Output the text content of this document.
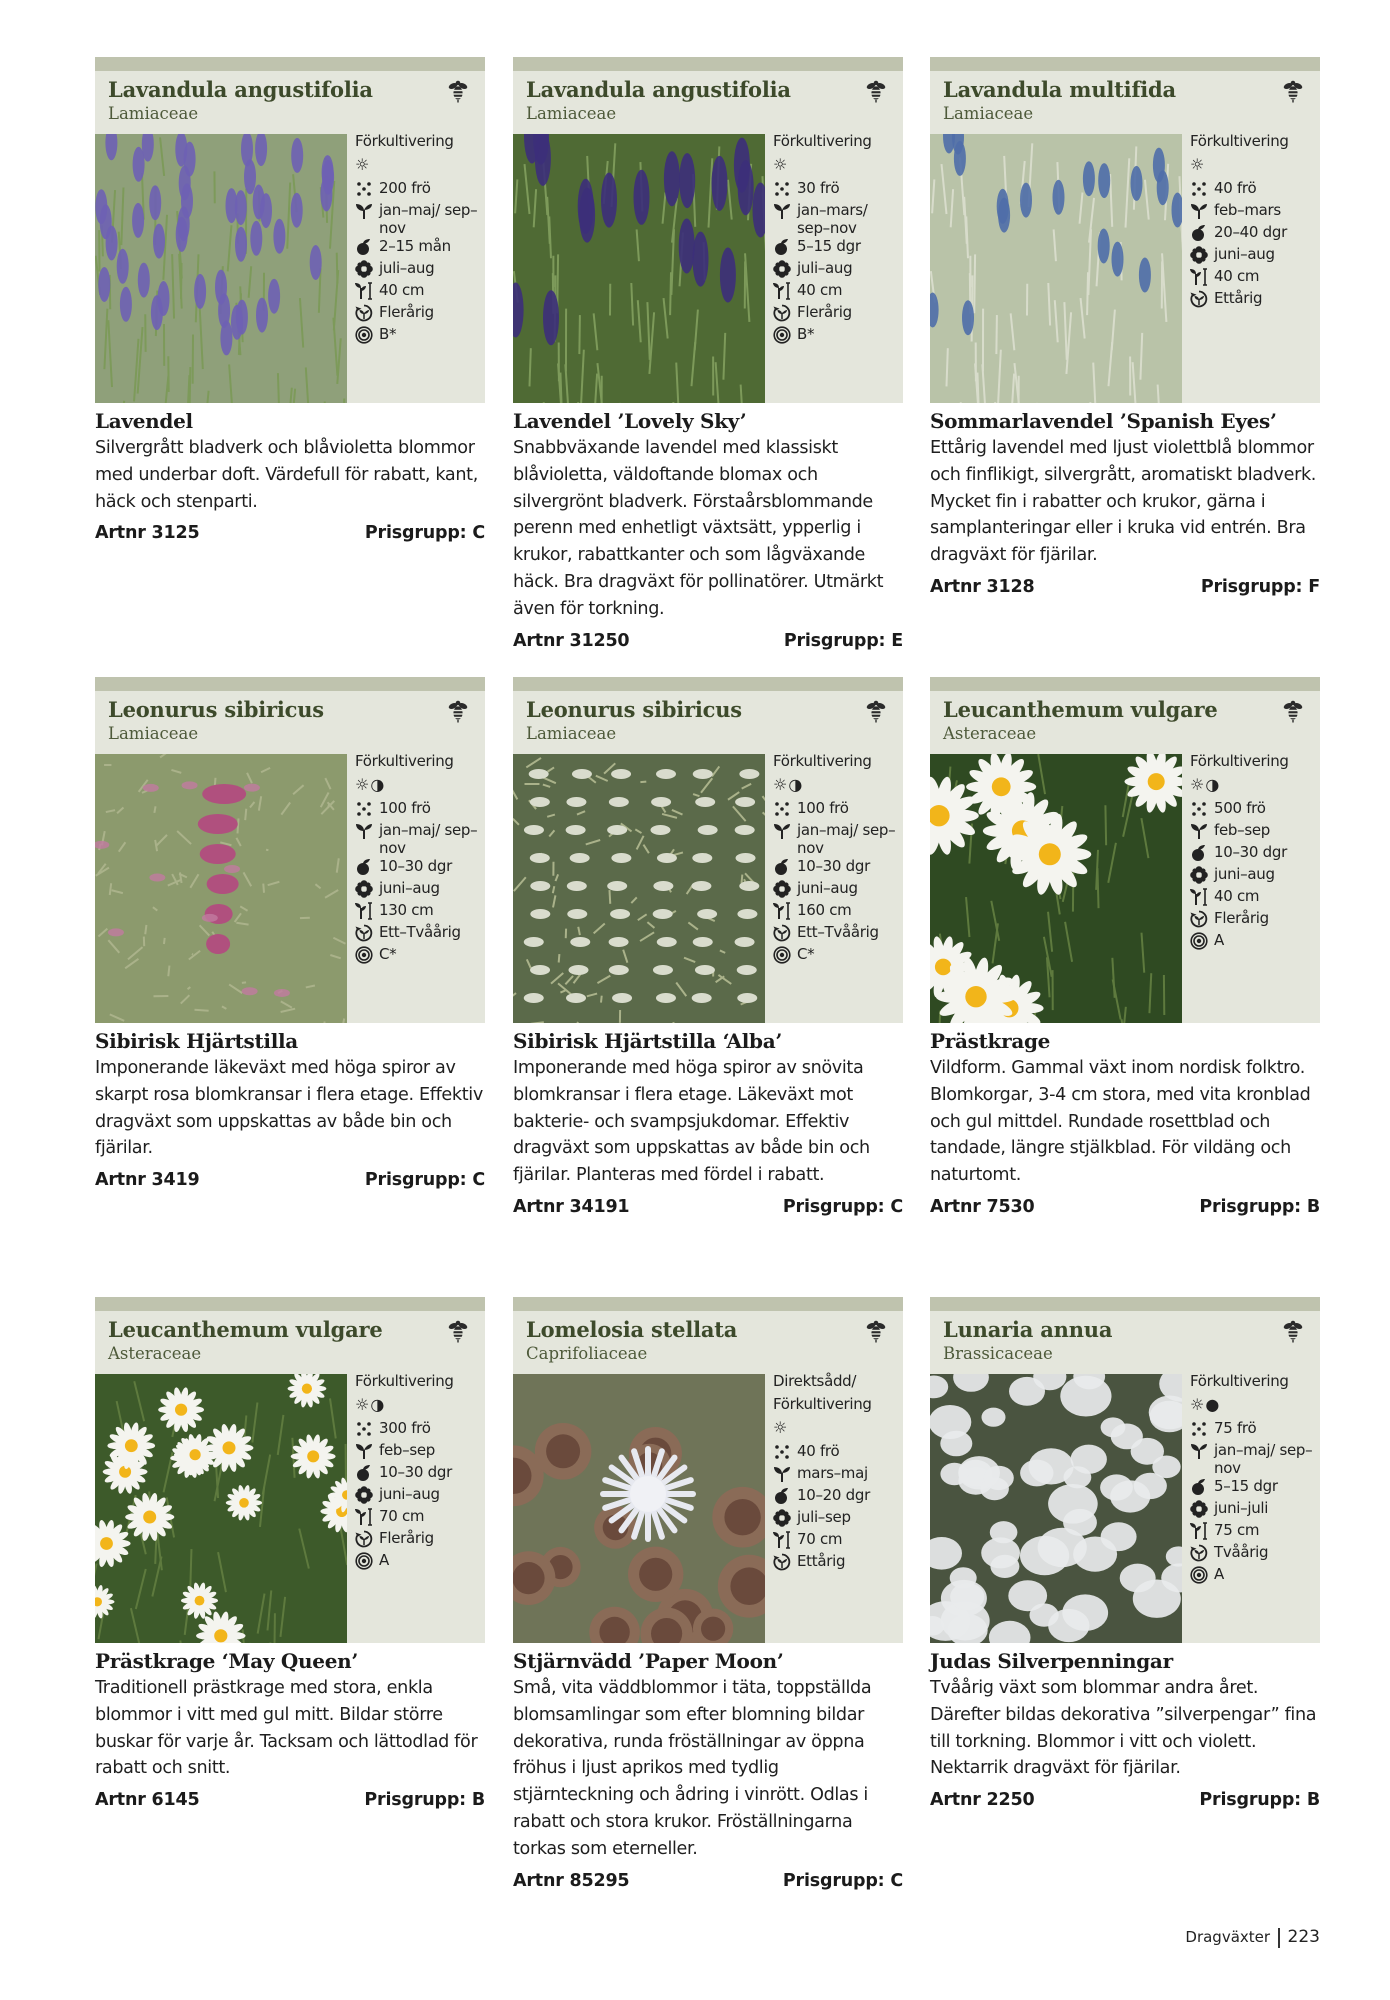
Lavandula angustifolia
Lamiaceae
Förkultivering
☼
200 frö
jan–maj/ sep–nov
2–15 mån
juli–aug
40 cm
Flerårig
B*
Lavendel
Silvergrått bladverk och blåvioletta blommor med underbar doft. Värdefull för rabatt, kant, häck och stenparti.
Artnr 3125	Prisgrupp: C
Lavandula angustifolia
Lamiaceae
Förkultivering
☼
30 frö
jan–mars/ sep–nov
5–15 dgr
juli–aug
40 cm
Flerårig
B*
Lavendel ’Lovely Sky’
Snabbväxande lavendel med klassiskt blåvioletta, väldoftande blomax och silvergrönt bladverk. Förstaårsblommande perenn med enhetligt växtsätt, ypperlig i krukor, rabattkanter och som lågväxande häck. Bra dragväxt för pollinatörer. Utmärkt även för torkning.
Artnr 31250	Prisgrupp: E
Lavandula multifida
Lamiaceae
Förkultivering
☼
40 frö
feb–mars
20–40 dgr
juni–aug
40 cm
Ettårig
Sommarlavendel ’Spanish Eyes’
Ettårig lavendel med ljust violettblå blommor och finflikigt, silvergrått, aromatiskt bladverk. Mycket fin i rabatter och krukor, gärna i samplanteringar eller i kruka vid entrén. Bra dragväxt för fjärilar.
Artnr 3128	Prisgrupp: F
Leonurus sibiricus
Lamiaceae
Förkultivering
☼◑
100 frö
jan–maj/ sep–nov
10–30 dgr
juni–aug
130 cm
Ett–Tvåårig
C*
Sibirisk Hjärtstilla
Imponerande läkeväxt med höga spiror av skarpt rosa blomkransar i flera etage. Effektiv dragväxt som uppskattas av både bin och fjärilar.
Artnr 3419	Prisgrupp: C
Leonurus sibiricus
Lamiaceae
Förkultivering
☼◑
100 frö
jan–maj/ sep–nov
10–30 dgr
juni–aug
160 cm
Ett–Tvåårig
C*
Sibirisk Hjärtstilla ‘Alba’
Imponerande med höga spiror av snövita blomkransar i flera etage. Läkeväxt mot bakterie- och svampsjukdomar. Effektiv dragväxt som uppskattas av både bin och fjärilar. Planteras med fördel i rabatt.
Artnr 34191	Prisgrupp: C
Leucanthemum vulgare
Asteraceae
Förkultivering
☼◑
500 frö
feb–sep
10–30 dgr
juni–aug
40 cm
Flerårig
A
Prästkrage
Vildform. Gammal växt inom nordisk folktro. Blomkorgar, 3-4 cm stora, med vita kronblad och gul mittdel. Rundade rosettblad och tandade, längre stjälkblad. För vildäng och naturtomt.
Artnr 7530	Prisgrupp: B
Leucanthemum vulgare
Asteraceae
Förkultivering
☼◑
300 frö
feb–sep
10–30 dgr
juni–aug
70 cm
Flerårig
A
Prästkrage ‘May Queen’
Traditionell prästkrage med stora, enkla blommor i vitt med gul mitt. Bildar större buskar för varje år. Tacksam och lättodlad för rabatt och snitt.
Artnr 6145	Prisgrupp: B
Lomelosia stellata
Caprifoliaceae
Direktsådd/ Förkultivering
☼
40 frö
mars–maj
10–20 dgr
juli–sep
70 cm
Ettårig
Stjärnvädd ’Paper Moon’
Små, vita väddblommor i täta, toppställda blomsamlingar som efter blomning bildar dekorativa, runda fröställningar av öppna fröhus i ljust aprikos med tydlig stjärnteckning och ådring i vinrött. Odlas i rabatt och stora krukor. Fröställningarna torkas som eterneller.
Artnr 85295	Prisgrupp: C
Lunaria annua
Brassicaceae
Förkultivering
☼●
75 frö
jan–maj/ sep–nov
5–15 dgr
juni–juli
75 cm
Tvåårig
A
Judas Silverpenningar
Tvåårig växt som blommar andra året. Därefter bildas dekorativa ”silverpengar” fina till torkning. Blommor i vitt och violett. Nektarrik dragväxt för fjärilar.
Artnr 2250	Prisgrupp: B
Dragväxter 223
